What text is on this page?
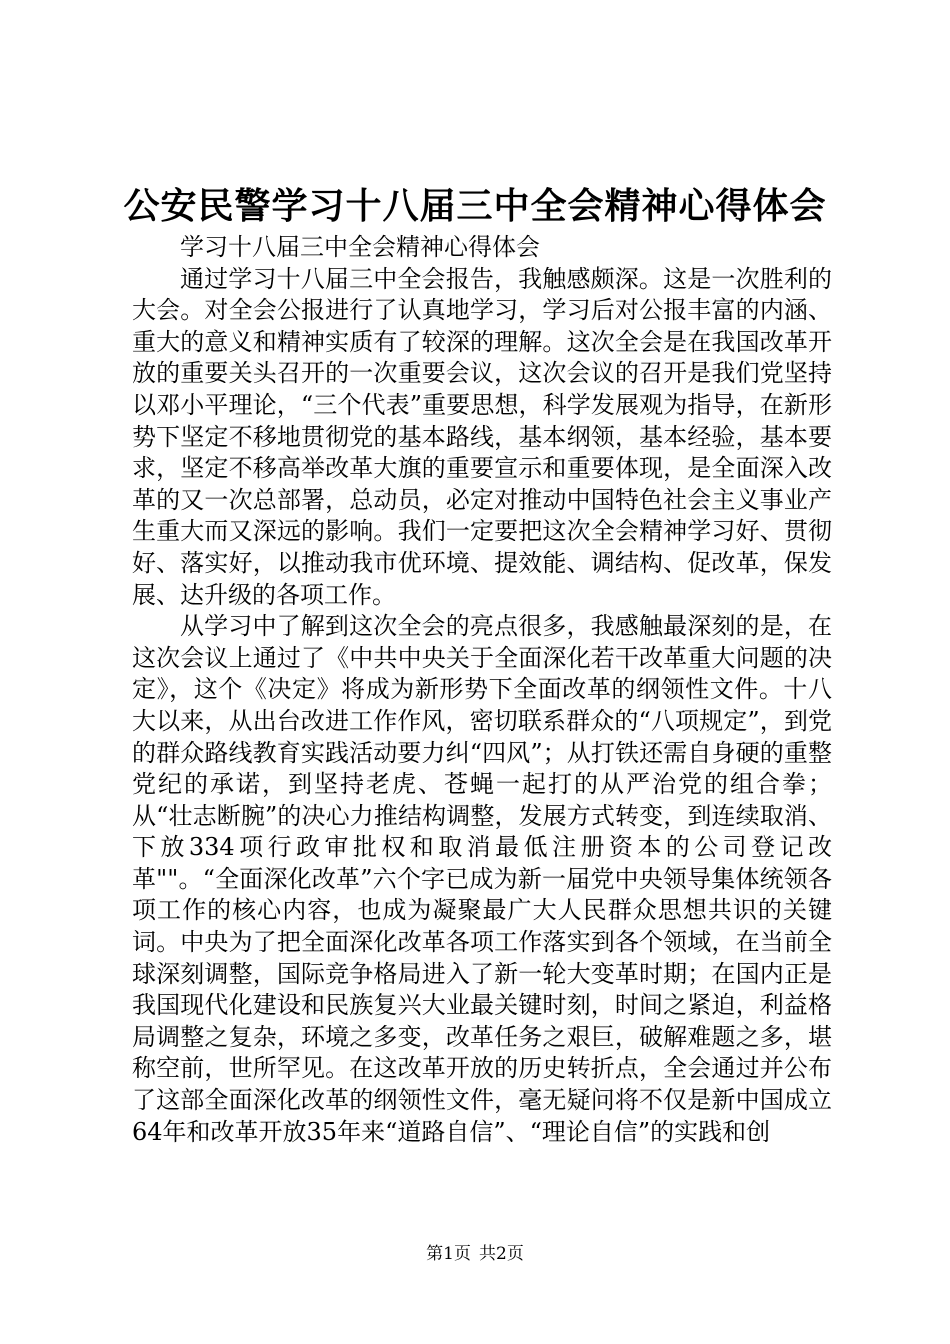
公安民警学习十八届三中全会精神心得体会

学习十八届三中全会精神心得体会

通过学习十八届三中全会报告，我触感颇深。这是一次胜利的大会。对全会公报进行了认真地学习，学习后对公报丰富的内涵、重大的意义和精神实质有了较深的理解。这次全会是在我国改革开放的重要关头召开的一次重要会议，这次会议的召开是我们党坚持以邓小平理论，“三个代表”重要思想，科学发展观为指导，在新形势下坚定不移地贯彻党的基本路线，基本纲领，基本经验，基本要求，坚定不移高举改革大旗的重要宣示和重要体现，是全面深入改革的又一次总部署，总动员，必定对推动中国特色社会主义事业产生重大而又深远的影响。我们一定要把这次全会精神学习好、贯彻好、落实好，以推动我市优环境、提效能、调结构、促改革，保发展、达升级的各项工作。

从学习中了解到这次全会的亮点很多，我感触最深刻的是，在这次会议上通过了《中共中央关于全面深化若干改革重大问题的决定》，这个《决定》将成为新形势下全面改革的纲领性文件。十八大以来，从出台改进工作作风，密切联系群众的“八项规定”，到党的群众路线教育实践活动要力纠“四风”；从打铁还需自身硬的重整党纪的承诺，到坚持老虎、苍蝇一起打的从严治党的组合拳；从“壮志断腕”的决心力推结构调整，发展方式转变，到连续取消、下放334项行政审批权和取消最低注册资本的公司登记改革""。“全面深化改革”六个字已成为新一届党中央领导集体统领各项工作的核心内容，也成为凝聚最广大人民群众思想共识的关键词。中央为了把全面深化改革各项工作落实到各个领域，在当前全球深刻调整，国际竞争格局进入了新一轮大变革时期；在国内正是我国现代化建设和民族复兴大业最关键时刻，时间之紧迫，利益格局调整之复杂，环境之多变，改革任务之艰巨，破解难题之多，堪称空前，世所罕见。在这改革开放的历史转折点，全会通过并公布了这部全面深化改革的纲领性文件，毫无疑问将不仅是新中国成立64年和改革开放35年来“道路自信”、“理论自信”的实践和创

第1页 共2页
